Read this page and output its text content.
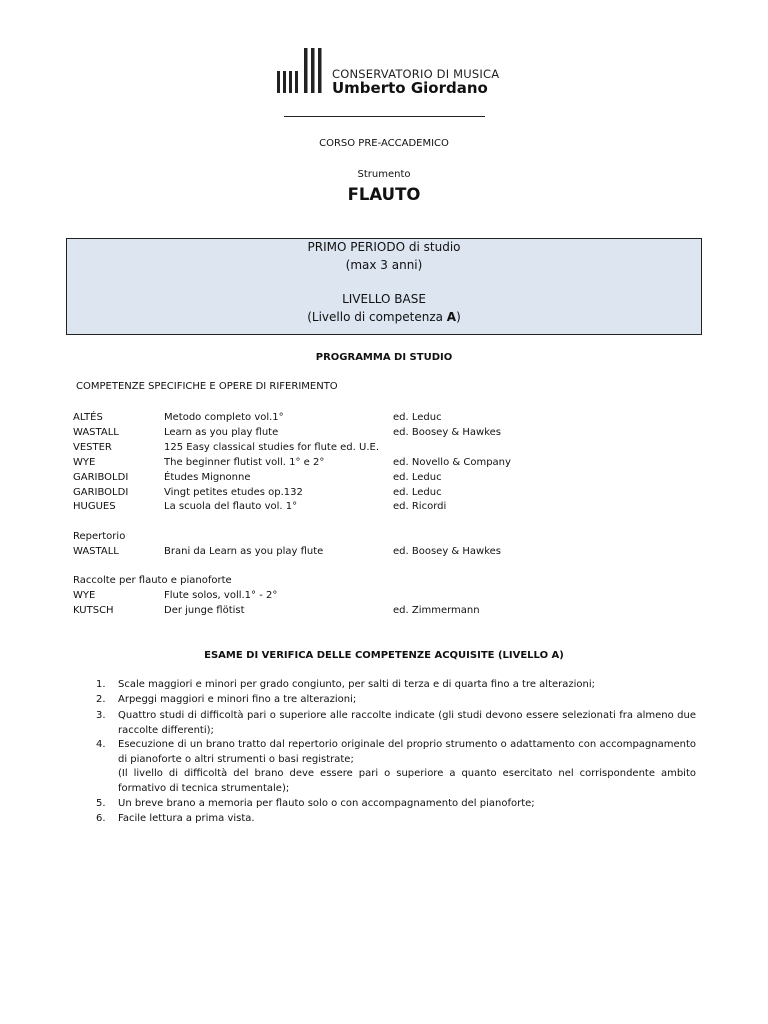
CONSERVATORIO DI MUSICA
Umberto Giordano
CORSO PRE-ACCADEMICO
Strumento
FLAUTO
PRIMO PERIODO di studio
(max 3 anni)
LIVELLO BASE
(Livello di competenza A)
PROGRAMMA DI STUDIO
COMPETENZE SPECIFICHE E OPERE DI RIFERIMENTO
ALTÉS	Metodo completo vol.1°	ed. Leduc
WASTALL	Learn as you play flute	ed. Boosey & Hawkes
VESTER	125 Easy classical studies for flute ed. U.E.
WYE	The beginner flutist voll. 1° e 2°	ed. Novello & Company
GARIBOLDI	Études Mignonne	ed. Leduc
GARIBOLDI	Vingt petites etudes op.132	ed. Leduc
HUGUES	La scuola del flauto vol. 1°	ed. Ricordi
Repertorio
WASTALL	Brani da Learn as you play flute	ed. Boosey & Hawkes
Raccolte per flauto e pianoforte
WYE	Flute solos, voll.1° - 2°
KUTSCH	Der junge flötist	ed. Zimmermann
ESAME DI VERIFICA DELLE COMPETENZE ACQUISITE (LIVELLO A)
1. Scale maggiori e minori per grado congiunto, per salti di terza e di quarta fino a tre alterazioni;
2. Arpeggi maggiori e minori fino a tre alterazioni;
3. Quattro studi di difficoltà pari o superiore alle raccolte indicate (gli studi devono essere selezionati fra almeno due raccolte differenti);
4. Esecuzione di un brano tratto dal repertorio originale del proprio strumento o adattamento con accompagnamento di pianoforte o altri strumenti o basi registrate;
(Il livello di difficoltà del brano deve essere pari o superiore a quanto esercitato nel corrispondente ambito formativo di tecnica strumentale);
5. Un breve brano a memoria per flauto solo o con accompagnamento del pianoforte;
6. Facile lettura a prima vista.
